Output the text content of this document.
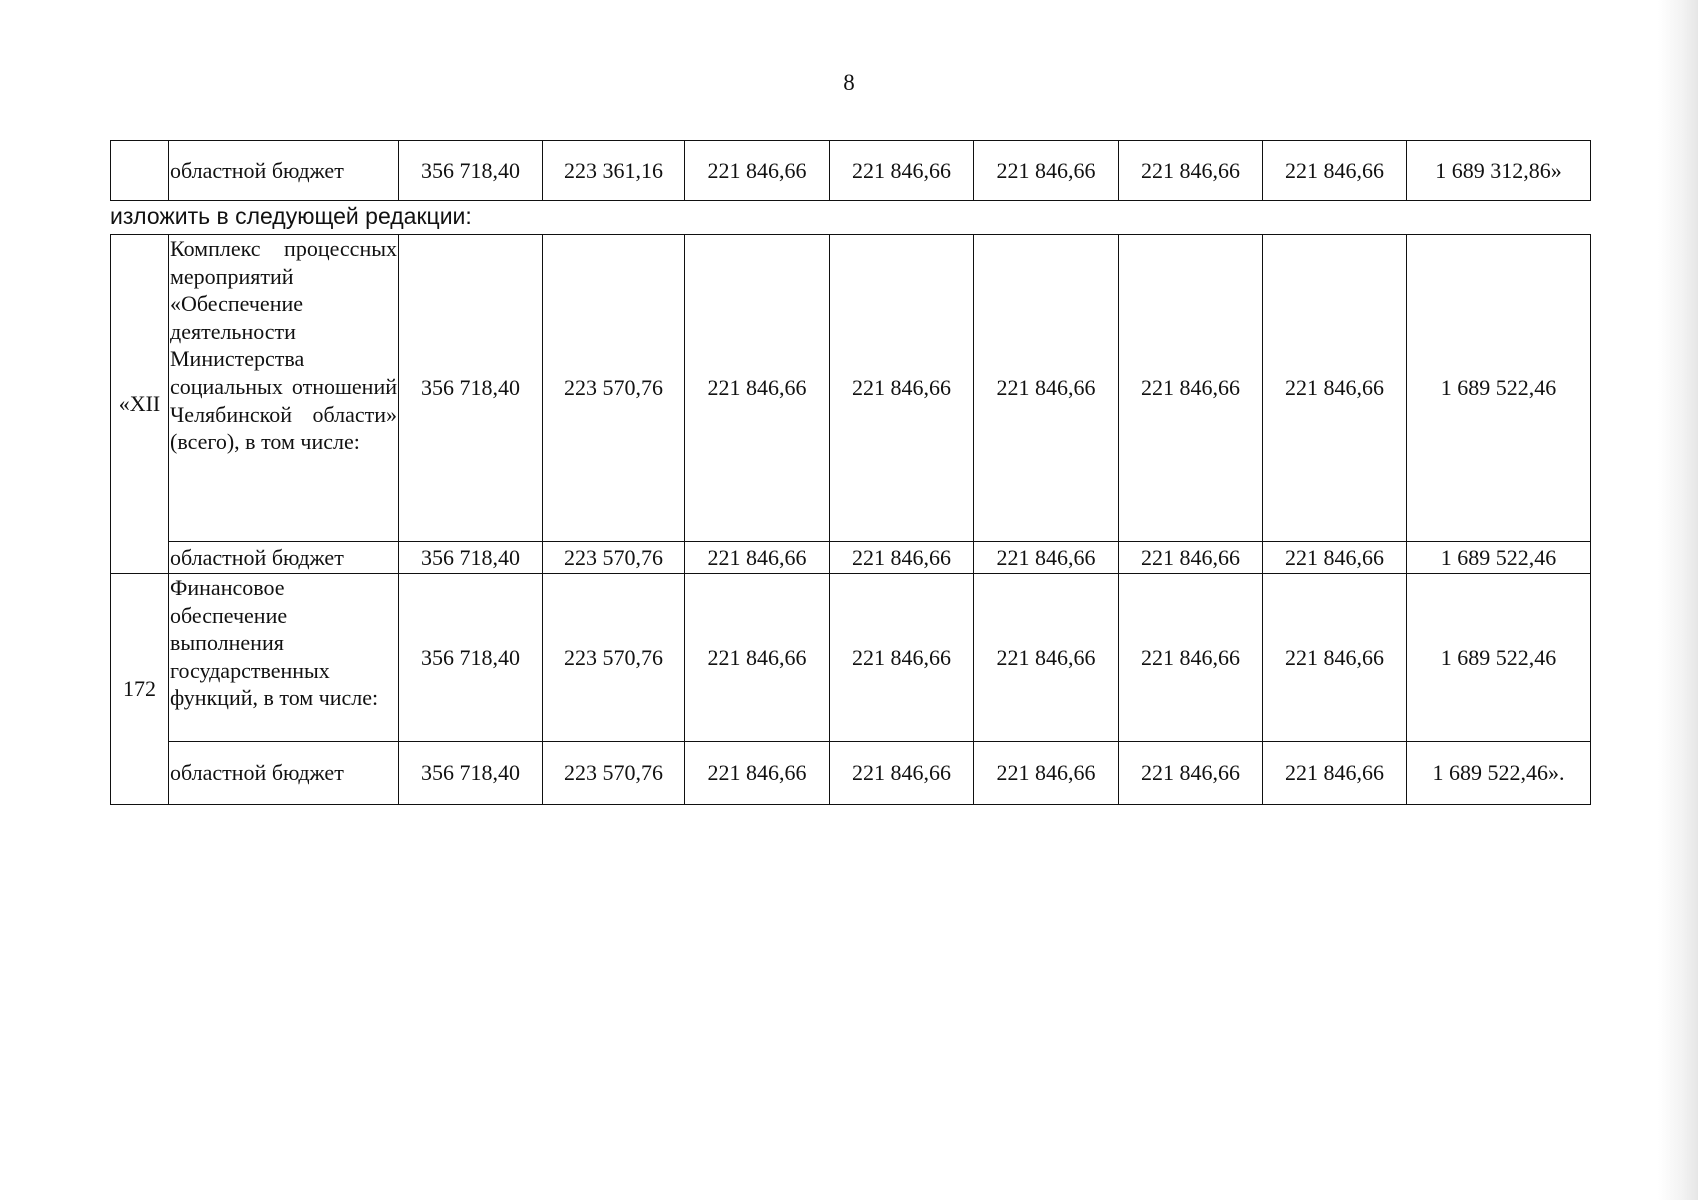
8
	областной бюджет	356 718,40	223 361,16	221 846,66	221 846,66	221 846,66	221 846,66	221 846,66	1 689 312,86»
изложить в следующей редакции:
«XII	Комплекс процессных мероприятий «Обеспечение деятельности Министерства социальных отношений Челябинской области» (всего), в том числе:	356 718,40	223 570,76	221 846,66	221 846,66	221 846,66	221 846,66	221 846,66	1 689 522,46
	областной бюджет	356 718,40	223 570,76	221 846,66	221 846,66	221 846,66	221 846,66	221 846,66	1 689 522,46
172	Финансовое обеспечение выполнения государственных функций, в том числе:	356 718,40	223 570,76	221 846,66	221 846,66	221 846,66	221 846,66	221 846,66	1 689 522,46
	областной бюджет	356 718,40	223 570,76	221 846,66	221 846,66	221 846,66	221 846,66	221 846,66	1 689 522,46».
